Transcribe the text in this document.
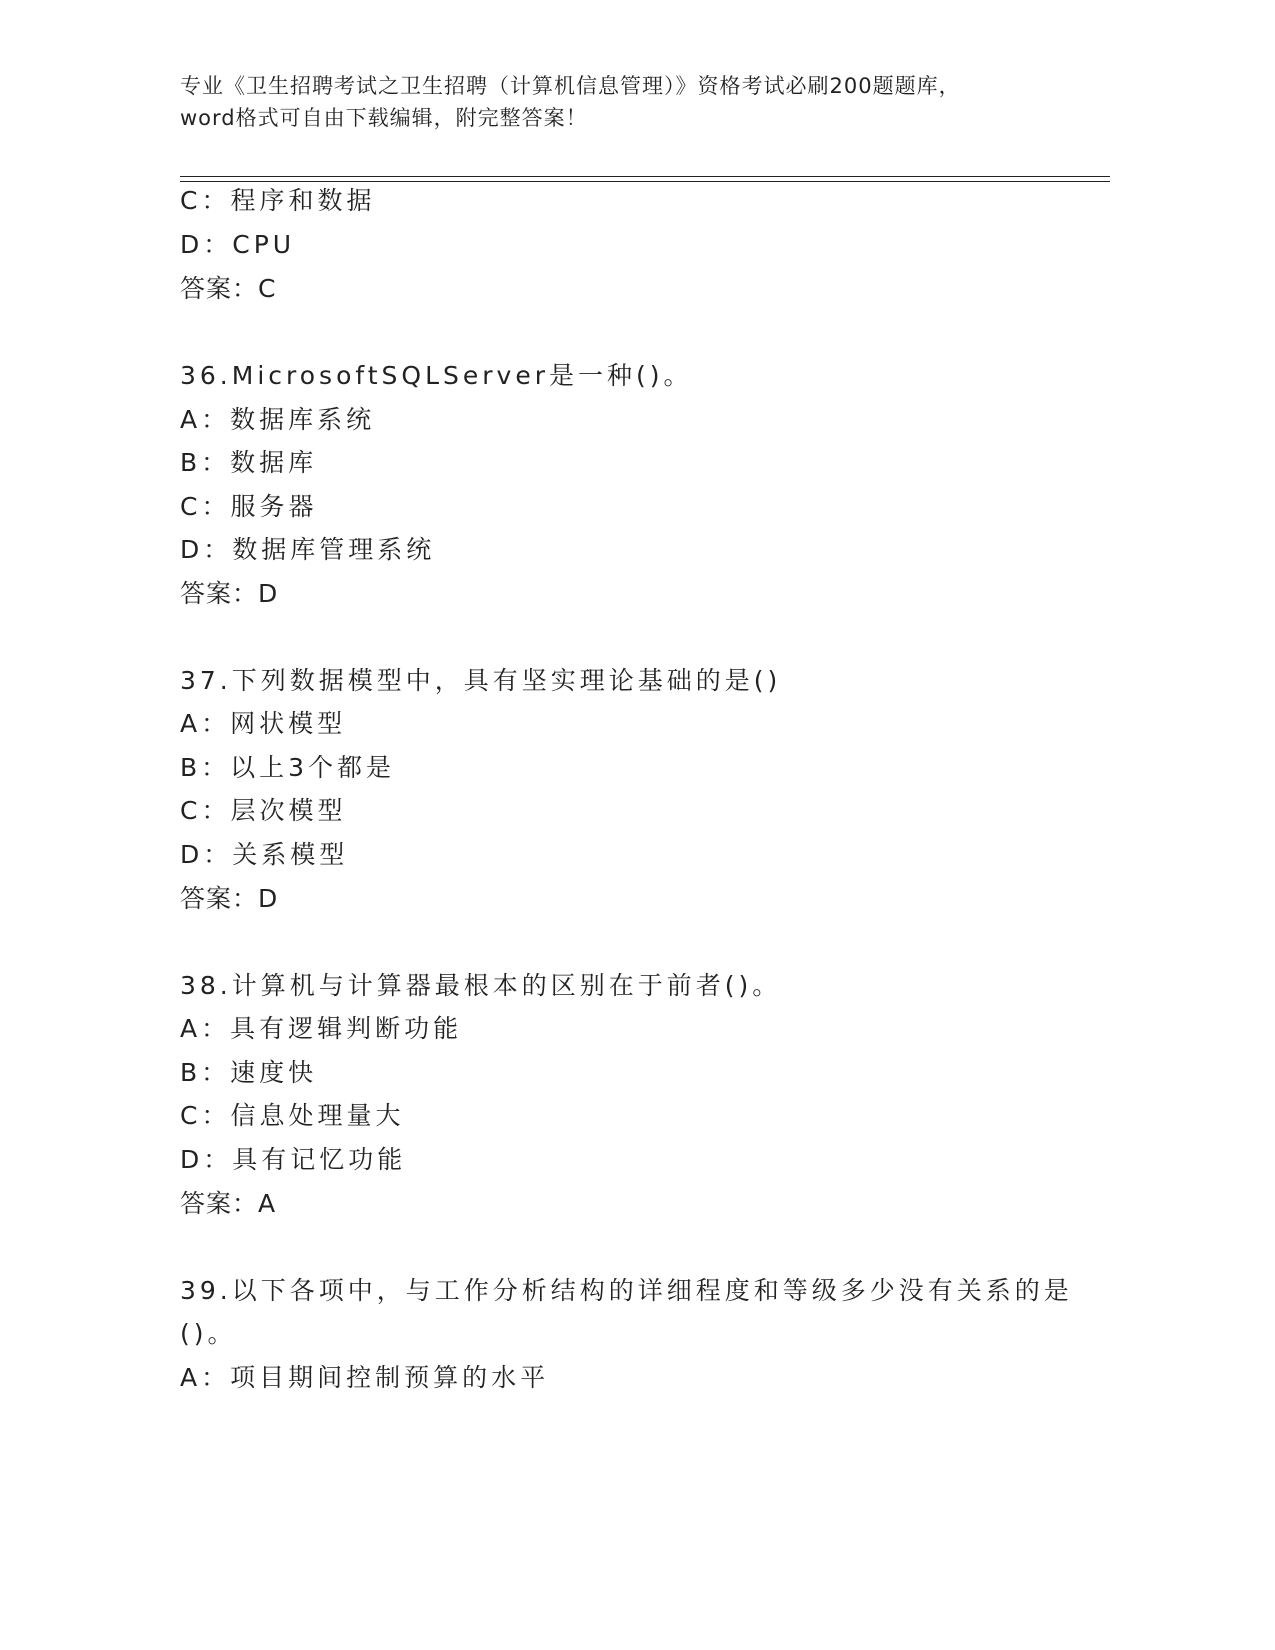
专业《卫生招聘考试之卫生招聘（计算机信息管理）》资格考试必刷200题题库，
word格式可自由下载编辑，附完整答案！
C：程序和数据
D：CPU
答案：C
36.MicrosoftSQLServer是一种()。
A：数据库系统
B：数据库
C：服务器
D：数据库管理系统
答案：D
37.下列数据模型中，具有坚实理论基础的是()
A：网状模型
B：以上3个都是
C：层次模型
D：关系模型
答案：D
38.计算机与计算器最根本的区别在于前者()。
A：具有逻辑判断功能
B：速度快
C：信息处理量大
D：具有记忆功能
答案：A
39.以下各项中，与工作分析结构的详细程度和等级多少没有关系的是
()。
A：项目期间控制预算的水平
